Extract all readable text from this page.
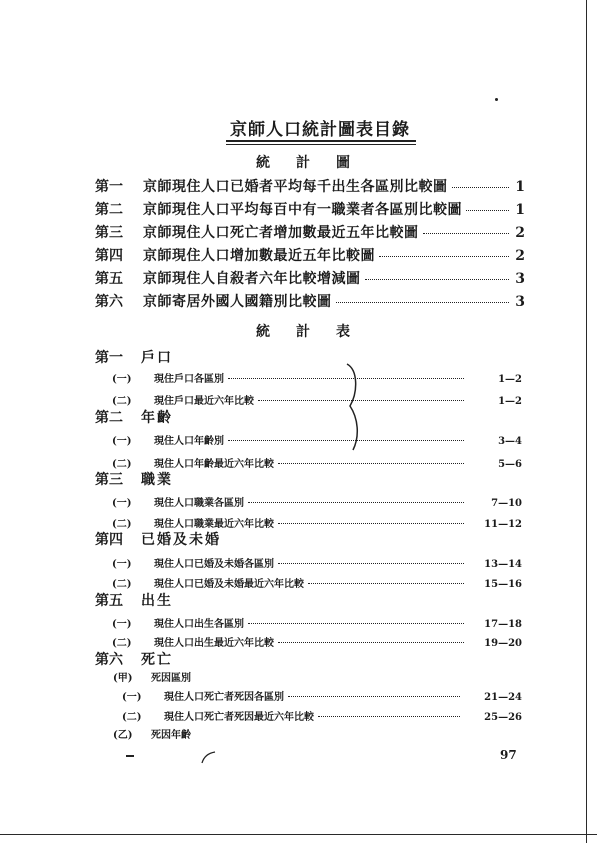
京師人口統計圖表目錄
統計圖
第一	京師現住人口已婚者平均每千出生各區別比較圖	1
第二	京師現住人口平均每百中有一職業者各區別比較圖	1
第三	京師現住人口死亡者增加數最近五年比較圖	2
第四	京師現住人口增加數最近五年比較圖	2
第五	京師現住人自殺者六年比較增減圖	3
第六	京師寄居外國人國籍別比較圖	3
統計表
第一	戶口
(一)	現住戶口各區別	1—2
(二)	現住戶口最近六年比較	1—2
第二	年齡
(一)	現住人口年齡別	3—4
(二)	現住人口年齡最近六年比較	5—6
第三	職業
(一)	現住人口職業各區別	7—10
(二)	現住人口職業最近六年比較	11—12
第四	已婚及未婚
(一)	現住人口已婚及未婚各區別	13—14
(二)	現住人口已婚及未婚最近六年比較	15—16
第五	出生
(一)	現住人口出生各區別	17—18
(二)	現住人口出生最近六年比較	19—20
第六	死亡
(甲)	死因區別
(一)	現住人口死亡者死因各區別	21—24
(二)	現住人口死亡者死因最近六年比較	25—26
(乙)	死因年齡
97
